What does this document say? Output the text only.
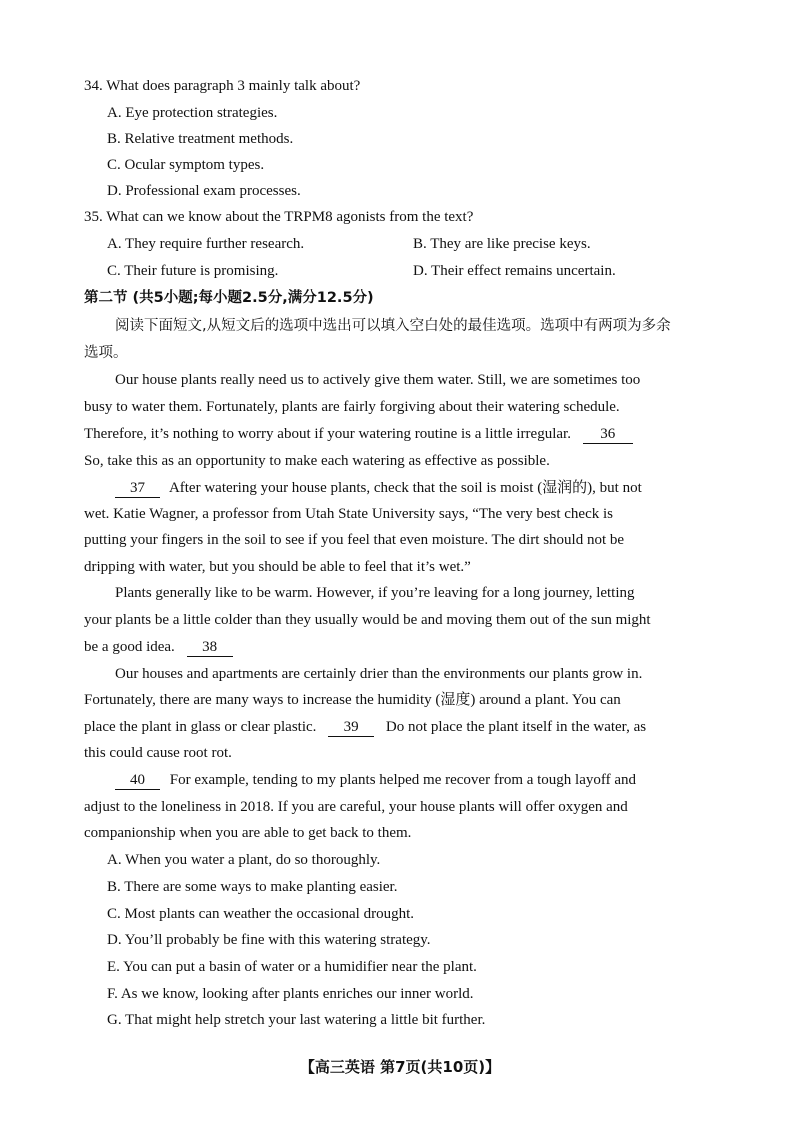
34. What does paragraph 3 mainly talk about?
A. Eye protection strategies.
B. Relative treatment methods.
C. Ocular symptom types.
D. Professional exam processes.
35. What can we know about the TRPM8 agonists from the text?
A. They require further research.	B. They are like precise keys.
C. Their future is promising.	D. Their effect remains uncertain.
第二节 (共5小题;每小题2.5分,满分12.5分)
阅读下面短文,从短文后的选项中选出可以填入空白处的最佳选项。选项中有两项为多余
选项。
Our house plants really need us to actively give them water. Still, we are sometimes too
busy to water them. Fortunately, plants are fairly forgiving about their watering schedule.
Therefore, it’s nothing to worry about if your watering routine is a little irregular. 36
So, take this as an opportunity to make each watering as effective as possible.
37 After watering your house plants, check that the soil is moist (湿润的), but not
wet. Katie Wagner, a professor from Utah State University says, “The very best check is
putting your fingers in the soil to see if you feel that even moisture. The dirt should not be
dripping with water, but you should be able to feel that it’s wet.”
Plants generally like to be warm. However, if you’re leaving for a long journey, letting
your plants be a little colder than they usually would be and moving them out of the sun might
be a good idea. 38
Our houses and apartments are certainly drier than the environments our plants grow in.
Fortunately, there are many ways to increase the humidity (湿度) around a plant. You can
place the plant in glass or clear plastic. 39 Do not place the plant itself in the water, as
this could cause root rot.
40 For example, tending to my plants helped me recover from a tough layoff and
adjust to the loneliness in 2018. If you are careful, your house plants will offer oxygen and
companionship when you are able to get back to them.
A. When you water a plant, do so thoroughly.
B. There are some ways to make planting easier.
C. Most plants can weather the occasional drought.
D. You’ll probably be fine with this watering strategy.
E. You can put a basin of water or a humidifier near the plant.
F. As we know, looking after plants enriches our inner world.
G. That might help stretch your last watering a little bit further.
【高三英语 第7页(共10页)】
